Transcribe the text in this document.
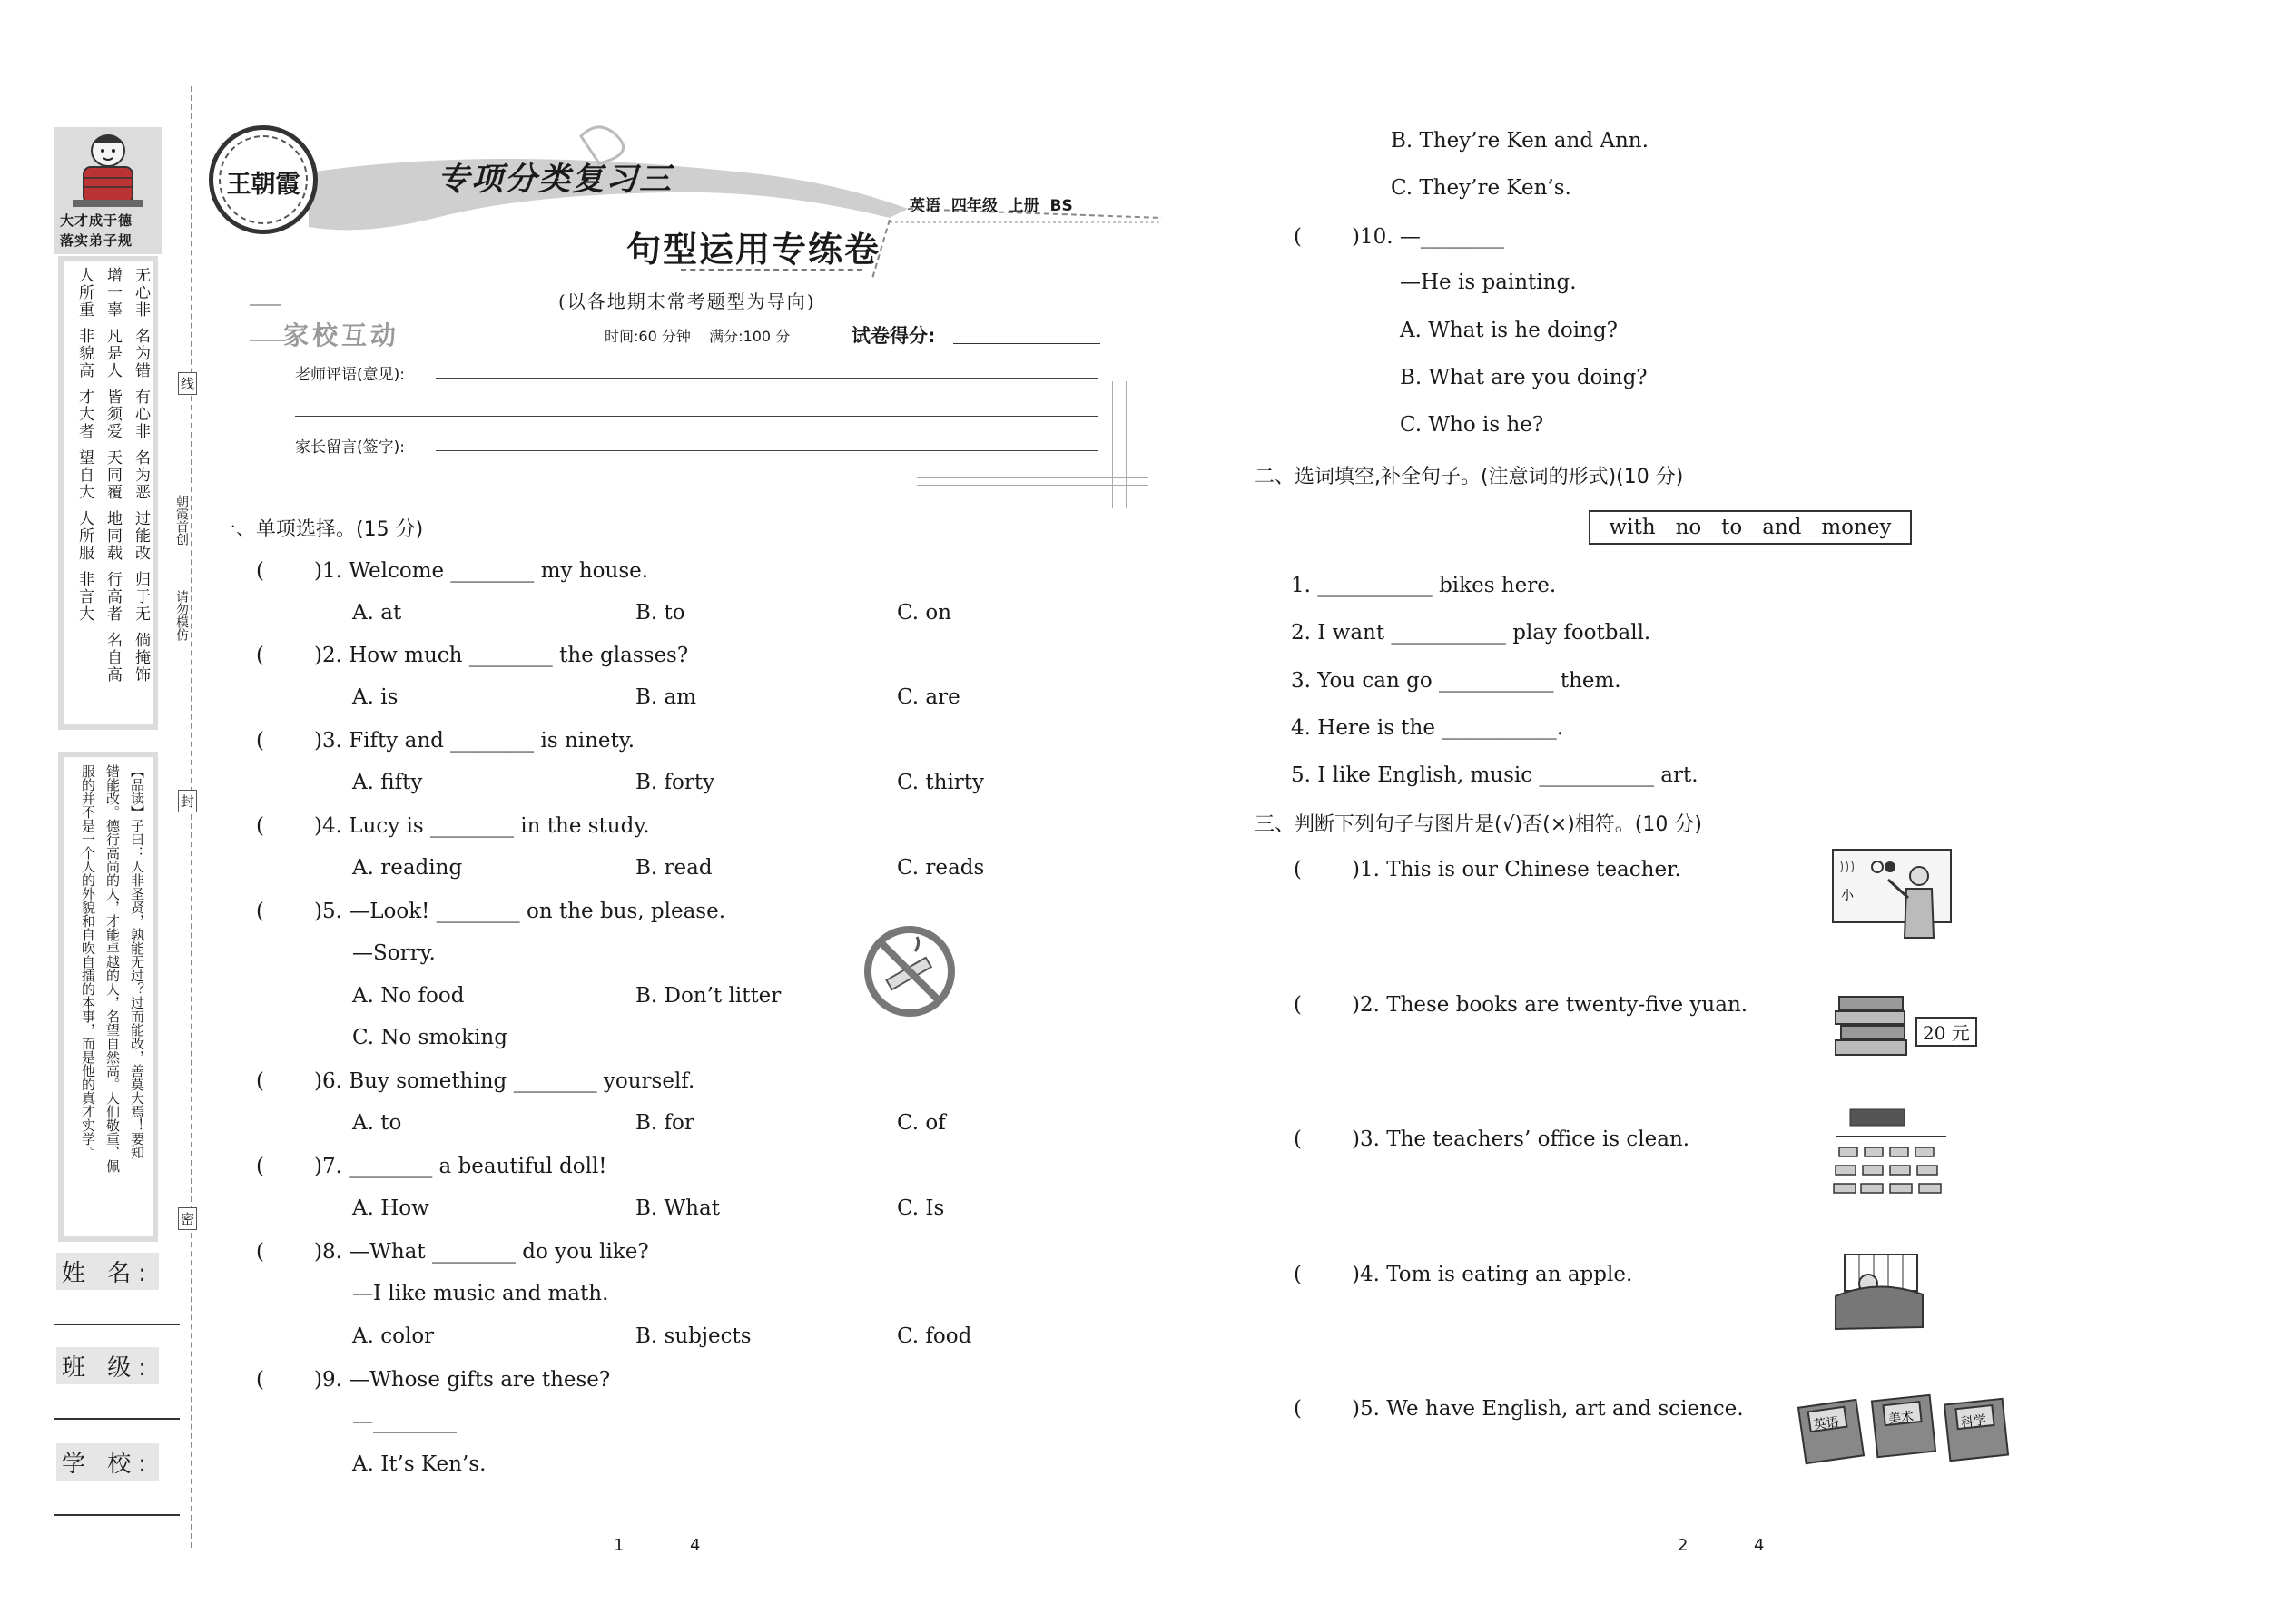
大才成于德
落实弟子规
无心非
名为错
有心非
名为恶
过能改
归于无
倘掩饰
增一辜
凡是人
皆须爱
天同覆
地同载
行高者
名自高
人所重
非貌高
才大者
望自大
人所服
非言大
【品读】子曰：人非圣贤，孰能无过？过而能改，善莫大焉！要知
错能改。德行高尚的人，才能卓越的人，名望自然高。人们敬重、佩
服的并不是一个人的外貌和自吹自擂的本事，而是他的真才实学。
姓 名:
班 级:
学 校:
线
封
密
朝霞首创
请勿模仿
王朝霞	专项分类复习三
英语  四年级  上册  BS
句型运用专练卷
(以各地期末常考题型为导向)
家校互动	时间:60 分钟    满分:100 分	试卷得分:
老师评语(意见):
家长留言(签字):
一、单项选择。(15 分)
( )1. Welcome ________ my house.
A. at	B. to	C. on
( )2. How much ________ the glasses?
A. is	B. am	C. are
( )3. Fifty and ________ is ninety.
A. fifty	B. forty	C. thirty
( )4. Lucy is ________ in the study.
A. reading	B. read	C. reads
( )5. —Look! ________ on the bus, please.
—Sorry.
A. No food	B. Don’t litter
C. No smoking
( )6. Buy something ________ yourself.
A. to	B. for	C. of
( )7. ________ a beautiful doll!
A. How	B. What	C. Is
( )8. —What ________ do you like?
—I like music and math.
A. color	B. subjects	C. food
( )9. —Whose gifts are these?
—________
A. It’s Ken’s.
1	4
B. They’re Ken and Ann.
C. They’re Ken’s.
( )10. —________
—He is painting.
A. What is he doing?
B. What are you doing?
C. Who is he?
二、选词填空,补全句子。(注意词的形式)(10 分)
with   no   to   and   money
1. ___________ bikes here.
2. I want ___________ play football.
3. You can go ___________ them.
4. Here is the ___________.
5. I like English, music ___________ art.
三、判断下列句子与图片是(√)否(×)相符。(10 分)
( )1. This is our Chinese teacher.
小
( )2. These books are twenty-five yuan.
20 元
( )3. The teachers’ office is clean.
( )4. Tom is eating an apple.
( )5. We have English, art and science.
英语	美术	科学
2	4
